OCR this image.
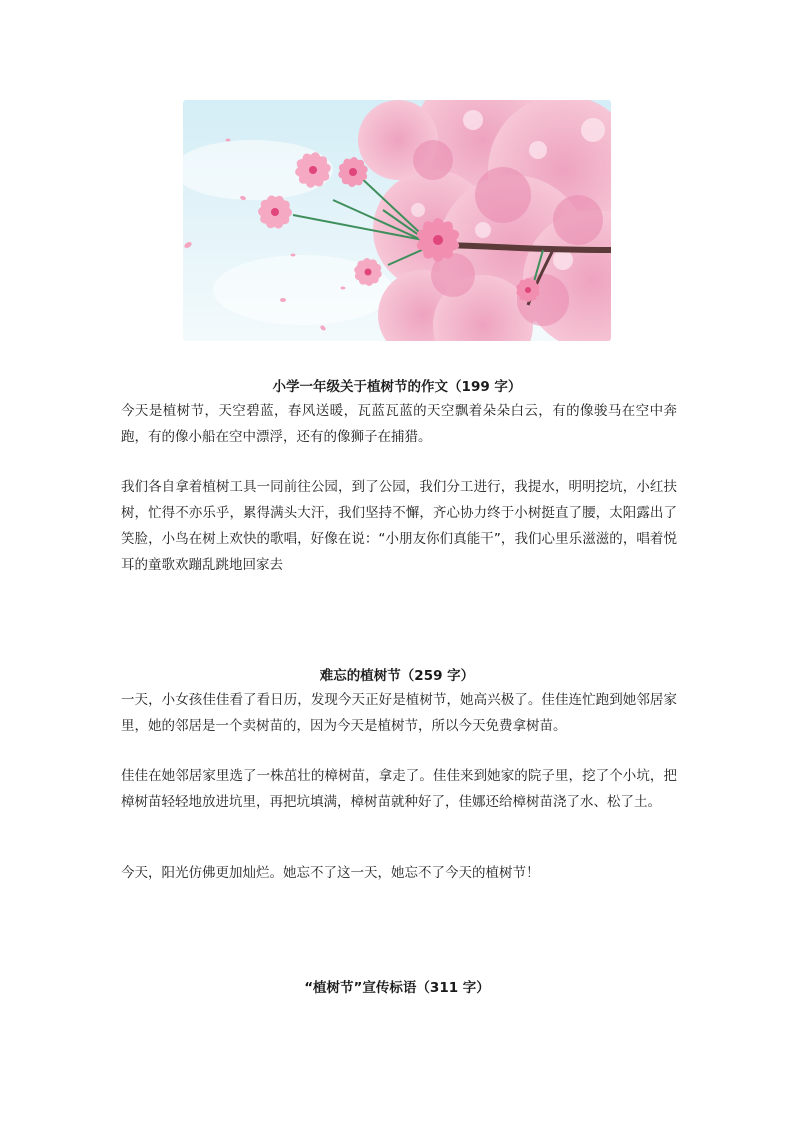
小学一年级关于植树节的作文（199 字）

今天是植树节，天空碧蓝，春风送暖，瓦蓝瓦蓝的天空飘着朵朵白云，有的像骏马在空中奔跑，有的像小船在空中漂浮，还有的像狮子在捕猎。

我们各自拿着植树工具一同前往公园，到了公园，我们分工进行，我提水，明明挖坑，小红扶树，忙得不亦乐乎，累得满头大汗，我们坚持不懈，齐心协力终于小树挺直了腰，太阳露出了笑脸，小鸟在树上欢快的歌唱，好像在说：“小朋友你们真能干”，我们心里乐滋滋的，唱着悦耳的童歌欢蹦乱跳地回家去

难忘的植树节（259 字）

一天，小女孩佳佳看了看日历，发现今天正好是植树节，她高兴极了。佳佳连忙跑到她邻居家里，她的邻居是一个卖树苗的，因为今天是植树节，所以今天免费拿树苗。

佳佳在她邻居家里选了一株茁壮的樟树苗，拿走了。佳佳来到她家的院子里，挖了个小坑，把樟树苗轻轻地放进坑里，再把坑填满，樟树苗就种好了，佳娜还给樟树苗浇了水、松了土。

今天，阳光仿佛更加灿烂。她忘不了这一天，她忘不了今天的植树节！

“植树节”宣传标语（311 字）
